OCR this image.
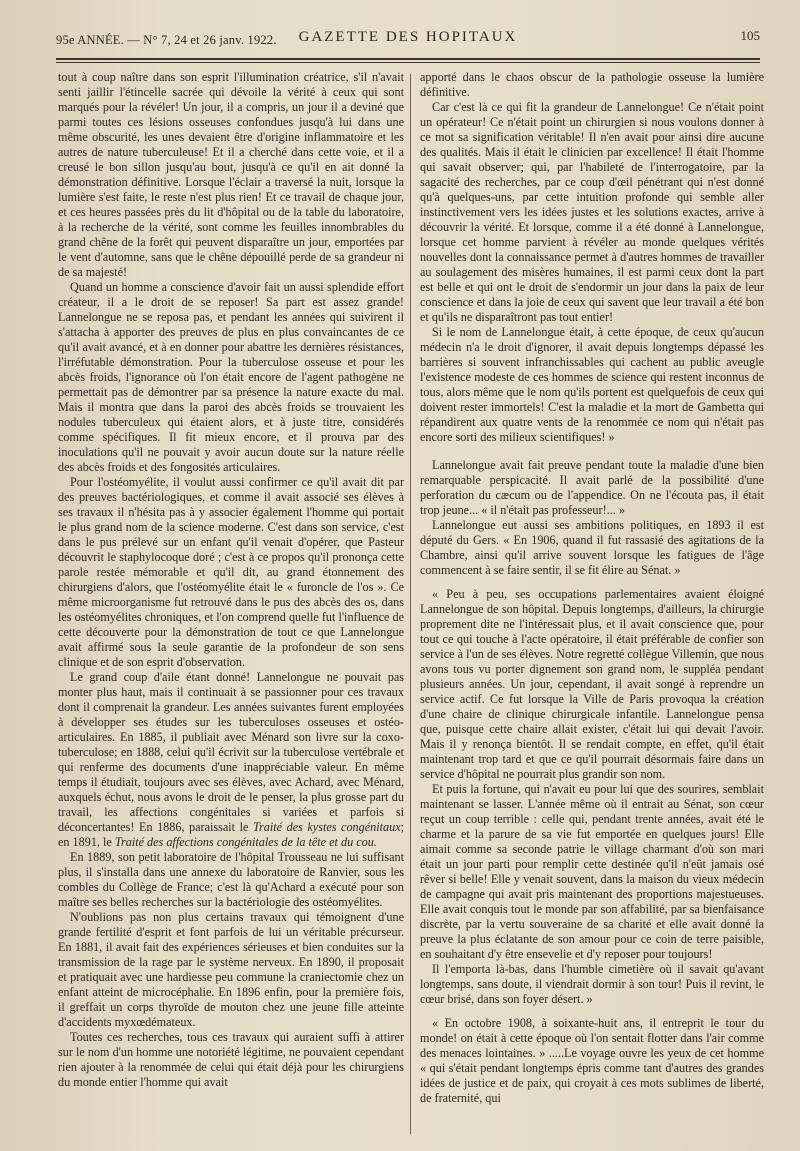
95e ANNÉE. — N° 7, 24 et 26 janv. 1922.	GAZETTE DES HOPITAUX	105

tout à coup naître dans son esprit l'illumination créatrice, s'il n'avait senti jaillir l'étincelle sacrée qui dévoile la vérité à ceux qui sont marqués pour la révéler! Un jour, il a compris, un jour il a deviné que parmi toutes ces lésions osseuses confondues jusqu'à lui dans une même obscurité, les unes devaient être d'origine inflammatoire et les autres de nature tuberculeuse! Et il a cherché dans cette voie, et il a creusé le bon sillon jusqu'au bout, jusqu'à ce qu'il en ait donné la démonstration définitive. Lorsque l'éclair a traversé la nuit, lorsque la lumière s'est faite, le reste n'est plus rien! Et ce travail de chaque jour, et ces heures passées près du lit d'hôpital ou de la table du laboratoire, à la recherche de la vérité, sont comme les feuilles innombrables du grand chêne de la forêt qui peuvent disparaître un jour, emportées par le vent d'automne, sans que le chêne dépouillé perde de sa grandeur ni de sa majesté!

Quand un homme a conscience d'avoir fait un aussi splendide effort créateur, il a le droit de se reposer! Sa part est assez grande! Lannelongue ne se reposa pas, et pendant les années qui suivirent il s'attacha à apporter des preuves de plus en plus convaincantes de ce qu'il avait avancé, et à en donner pour abattre les dernières résistances, l'irréfutable démonstration. Pour la tuberculose osseuse et pour les abcès froids, l'ignorance où l'on était encore de l'agent pathogène ne permettait pas de démontrer par sa présence la nature exacte du mal. Mais il montra que dans la paroi des abcès froids se trouvaient les nodules tuberculeux qui étaient alors, et à juste titre, considérés comme spécifiques. Il fit mieux encore, et il prouva par des inoculations qu'il ne pouvait y avoir aucun doute sur la nature réelle des abcès froids et des fongosités articulaires.

Pour l'ostéomyélite, il voulut aussi confirmer ce qu'il avait dit par des preuves bactériologiques, et comme il avait associé ses élèves à ses travaux il n'hésita pas à y associer également l'homme qui portait le plus grand nom de la science moderne. C'est dans son service, c'est dans le pus prélevé sur un enfant qu'il venait d'opérer, que Pasteur découvrit le staphylocoque doré ; c'est à ce propos qu'il prononça cette parole restée mémorable et qu'il dit, au grand étonnement des chirurgiens d'alors, que l'ostéomyélite était le « furoncle de l'os ». Ce même microorganisme fut retrouvé dans le pus des abcès des os, dans les ostéomyélites chroniques, et l'on comprend quelle fut l'influence de cette découverte pour la démonstration de tout ce que Lannelongue avait affirmé sous la seule garantie de la profondeur de son sens clinique et de son esprit d'observation.

Le grand coup d'aile étant donné! Lannelongue ne pouvait pas monter plus haut, mais il continuait à se passionner pour ces travaux dont il comprenait la grandeur. Les années suivantes furent employées à développer ses études sur les tuberculoses osseuses et ostéo-articulaires. En 1885, il publiait avec Ménard son livre sur la coxo-tuberculose; en 1888, celui qu'il écrivit sur la tuberculose vertébrale et qui renferme des documents d'une inappréciable valeur. En même temps il étudiait, toujours avec ses élèves, avec Achard, avec Ménard, auxquels échut, nous avons le droit de le penser, la plus grosse part du travail, les affections congénitales si variées et parfois si déconcertantes! En 1886, paraissait le Traité des kystes congénitaux; en 1891, le Traité des affections congénitales de la tête et du cou.

En 1889, son petit laboratoire de l'hôpital Trousseau ne lui suffisant plus, il s'installa dans une annexe du laboratoire de Ranvier, sous les combles du Collège de France; c'est là qu'Achard a exécuté pour son maître ses belles recherches sur la bactériologie des ostéomyélites.

N'oublions pas non plus certains travaux qui témoignent d'une grande fertilité d'esprit et font parfois de lui un véritable précurseur. En 1881, il avait fait des expériences sérieuses et bien conduites sur la transmission de la rage par le système nerveux. En 1890, il proposait et pratiquait avec une hardiesse peu commune la craniectomie chez un enfant atteint de microcéphalie. En 1896 enfin, pour la première fois, il greffait un corps thyroïde de mouton chez une jeune fille atteinte d'accidents myxœdémateux.

Toutes ces recherches, tous ces travaux qui auraient suffi à attirer sur le nom d'un homme une notoriété légitime, ne pouvaient cependant rien ajouter à la renommée de celui qui était déjà pour les chirurgiens du monde entier l'homme qui avait

apporté dans le chaos obscur de la pathologie osseuse la lumière définitive.

Car c'est là ce qui fit la grandeur de Lannelongue! Ce n'était point un opérateur! Ce n'était point un chirurgien si nous voulons donner à ce mot sa signification véritable! Il n'en avait pour ainsi dire aucune des qualités. Mais il était le clinicien par excellence! Il était l'homme qui savait observer; qui, par l'habileté de l'interrogatoire, par la sagacité des recherches, par ce coup d'œil pénétrant qui n'est donné qu'à quelques-uns, par cette intuition profonde qui semble aller instinctivement vers les idées justes et les solutions exactes, arrive à découvrir la vérité. Et lorsque, comme il a été donné à Lannelongue, lorsque cet homme parvient à révéler au monde quelques vérités nouvelles dont la connaissance permet à d'autres hommes de travailler au soulagement des misères humaines, il est parmi ceux dont la part est belle et qui ont le droit de s'endormir un jour dans la paix de leur conscience et dans la joie de ceux qui savent que leur travail a été bon et qu'ils ne disparaîtront pas tout entier!

Si le nom de Lannelongue était, à cette époque, de ceux qu'aucun médecin n'a le droit d'ignorer, il avait depuis longtemps dépassé les barrières si souvent infranchissables qui cachent au public aveugle l'existence modeste de ces hommes de science qui restent inconnus de tous, alors même que le nom qu'ils portent est quelquefois de ceux qui doivent rester immortels! C'est la maladie et la mort de Gambetta qui répandirent aux quatre vents de la renommée ce nom qui n'était pas encore sorti des milieux scientifiques! »

Lannelongue avait fait preuve pendant toute la maladie d'une bien remarquable perspicacité. Il avait parlé de la possibilité d'une perforation du cæcum ou de l'appendice. On ne l'écouta pas, il était trop jeune... « il n'était pas professeur!... »

Lannelongue eut aussi ses ambitions politiques, en 1893 il est député du Gers. « En 1906, quand il fut rassasié des agitations de la Chambre, ainsi qu'il arrive souvent lorsque les fatigues de l'âge commencent à se faire sentir, il se fit élire au Sénat. »

« Peu à peu, ses occupations parlementaires avaient éloigné Lannelongue de son hôpital. Depuis longtemps, d'ailleurs, la chirurgie proprement dite ne l'intéressait plus, et il avait conscience que, pour tout ce qui touche à l'acte opératoire, il était préférable de confier son service à l'un de ses élèves. Notre regretté collègue Villemin, que nous avons tous vu porter dignement son grand nom, le suppléa pendant plusieurs années. Un jour, cependant, il avait songé à reprendre un service actif. Ce fut lorsque la Ville de Paris provoqua la création d'une chaire de clinique chirurgicale infantile. Lannelongue pensa que, puisque cette chaire allait exister, c'était lui qui devait l'avoir. Mais il y renonça bientôt. Il se rendait compte, en effet, qu'il était maintenant trop tard et que ce qu'il pourrait désormais faire dans un service d'hôpital ne pourrait plus grandir son nom.

Et puis la fortune, qui n'avait eu pour lui que des sourires, semblait maintenant se lasser. L'année même où il entrait au Sénat, son cœur reçut un coup terrible : celle qui, pendant trente années, avait été le charme et la parure de sa vie fut emportée en quelques jours! Elle aimait comme sa seconde patrie le village charmant d'où son mari était un jour parti pour remplir cette destinée qu'il n'eût jamais osé rêver si belle! Elle y venait souvent, dans la maison du vieux médecin de campagne qui avait pris maintenant des proportions majestueuses. Elle avait conquis tout le monde par son affabilité, par sa bienfaisance discrète, par la vertu souveraine de sa charité et elle avait donné la preuve la plus éclatante de son amour pour ce coin de terre paisible, en souhaitant d'y être ensevelie et d'y reposer pour toujours!

Il l'emporta là-bas, dans l'humble cimetière où il savait qu'avant longtemps, sans doute, il viendrait dormir à son tour! Puis il revint, le cœur brisé, dans son foyer désert. »

« En octobre 1908, à soixante-huit ans, il entreprit le tour du monde! on était à cette époque où l'on sentait flotter dans l'air comme des menaces lointaines. » .....Le voyage ouvre les yeux de cet homme « qui s'était pendant longtemps épris comme tant d'autres des grandes idées de justice et de paix, qui croyait à ces mots sublimes de liberté, de fraternité, qui
